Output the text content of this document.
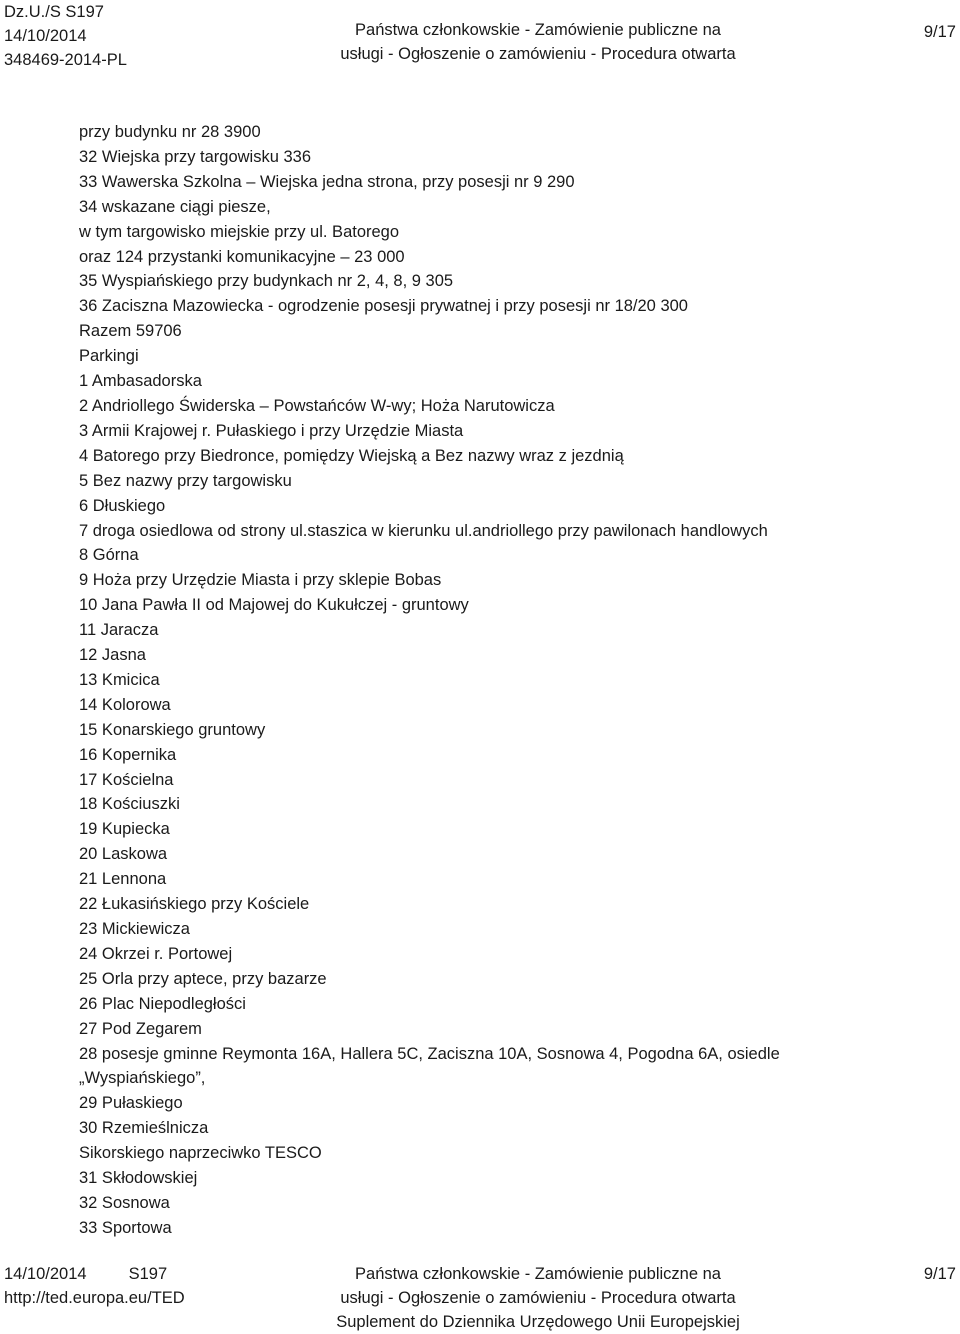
Dz.U./S S197
14/10/2014
348469-2014-PL
Państwa członkowskie - Zamówienie publiczne na
usługi - Ogłoszenie o zamówieniu - Procedura otwarta
9/17
przy budynku nr 28 3900
32 Wiejska przy targowisku 336
33 Wawerska Szkolna – Wiejska jedna strona, przy posesji nr 9 290
34 wskazane ciągi piesze,
w tym targowisko miejskie przy ul. Batorego
oraz 124 przystanki komunikacyjne – 23 000
35 Wyspiańskiego przy budynkach nr 2, 4, 8, 9 305
36 Zaciszna Mazowiecka - ogrodzenie posesji prywatnej i przy posesji nr 18/20 300
Razem 59706
Parkingi
1 Ambasadorska
2 Andriollego Świderska – Powstańców W-wy; Hoża Narutowicza
3 Armii Krajowej r. Pułaskiego i przy Urzędzie Miasta
4 Batorego przy Biedronce, pomiędzy Wiejską a Bez nazwy wraz z jezdnią
5 Bez nazwy przy targowisku
6 Dłuskiego
7 droga osiedlowa od strony ul.staszica w kierunku ul.andriollego przy pawilonach handlowych
8 Górna
9 Hoża przy Urzędzie Miasta i przy sklepie Bobas
10 Jana Pawła II od Majowej do Kukułczej - gruntowy
11 Jaracza
12 Jasna
13 Kmicica
14 Kolorowa
15 Konarskiego gruntowy
16 Kopernika
17 Kościelna
18 Kościuszki
19 Kupiecka
20 Laskowa
21 Lennona
22 Łukasińskiego przy Kościele
23 Mickiewicza
24 Okrzei r. Portowej
25 Orla przy aptece, przy bazarze
26 Plac Niepodległości
27 Pod Zegarem
28 posesje gminne Reymonta 16A, Hallera 5C, Zaciszna 10A, Sosnowa 4, Pogodna 6A, osiedle
„Wyspiańskiego”,
29 Pułaskiego
30 Rzemieślnicza
Sikorskiego naprzeciwko TESCO
31 Skłodowskiej
32 Sosnowa
33 Sportowa
14/10/2014	S197
http://ted.europa.eu/TED
Państwa członkowskie - Zamówienie publiczne na
usługi - Ogłoszenie o zamówieniu - Procedura otwarta
Suplement do Dziennika Urzędowego Unii Europejskiej
9/17
